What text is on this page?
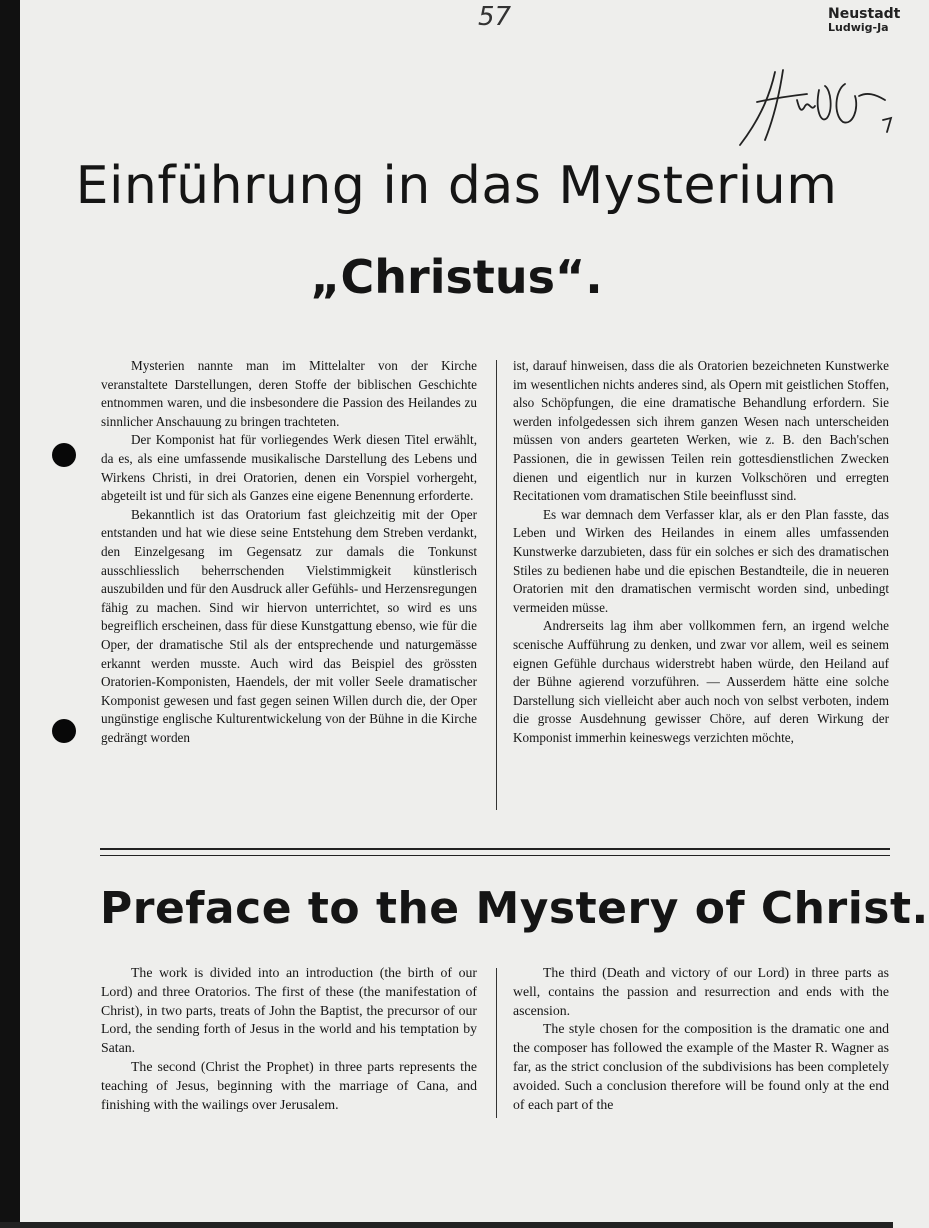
57	Neustadt
Ludwig-Ja
Einführung in das Mysterium
„Christus“.

Mysterien nannte man im Mittelalter von der Kirche veranstaltete Darstellungen, deren Stoffe der biblischen Geschichte entnommen waren, und die insbesondere die Passion des Heilandes zu sinnlicher Anschauung zu bringen trachteten.

Der Komponist hat für vorliegendes Werk diesen Titel erwählt, da es, als eine umfassende musikalische Darstellung des Lebens und Wirkens Christi, in drei Oratorien, denen ein Vorspiel vorhergeht, abgeteilt ist und für sich als Ganzes eine eigene Benennung erforderte.

Bekanntlich ist das Oratorium fast gleichzeitig mit der Oper entstanden und hat wie diese seine Entstehung dem Streben verdankt, den Einzelgesang im Gegensatz zur damals die Tonkunst ausschliesslich beherrschenden Vielstimmigkeit künstlerisch auszubilden und für den Ausdruck aller Gefühls- und Herzensregungen fähig zu machen. Sind wir hiervon unterrichtet, so wird es uns begreiflich erscheinen, dass für diese Kunstgattung ebenso, wie für die Oper, der dramatische Stil als der entsprechende und naturgemässe erkannt werden musste. Auch wird das Beispiel des grössten Oratorien-Komponisten, Haendels, der mit voller Seele dramatischer Komponist gewesen und fast gegen seinen Willen durch die, der Oper ungünstige englische Kulturentwickelung von der Bühne in die Kirche gedrängt worden

ist, darauf hinweisen, dass die als Oratorien bezeichneten Kunstwerke im wesentlichen nichts anderes sind, als Opern mit geistlichen Stoffen, also Schöpfungen, die eine dramatische Behandlung erfordern. Sie werden infolgedessen sich ihrem ganzen Wesen nach unterscheiden müssen von anders gearteten Werken, wie z. B. den Bach'schen Passionen, die in gewissen Teilen rein gottesdienstlichen Zwecken dienen und eigentlich nur in kurzen Volkschören und erregten Recitationen vom dramatischen Stile beeinflusst sind.

Es war demnach dem Verfasser klar, als er den Plan fasste, das Leben und Wirken des Heilandes in einem alles umfassenden Kunstwerke darzubieten, dass für ein solches er sich des dramatischen Stiles zu bedienen habe und die epischen Bestandteile, die in neueren Oratorien mit den dramatischen vermischt worden sind, unbedingt vermeiden müsse.

Andrerseits lag ihm aber vollkommen fern, an irgend welche scenische Aufführung zu denken, und zwar vor allem, weil es seinem eignen Gefühle durchaus widerstrebt haben würde, den Heiland auf der Bühne agierend vorzuführen. — Ausserdem hätte eine solche Darstellung sich vielleicht aber auch noch von selbst verboten, indem die grosse Ausdehnung gewisser Chöre, auf deren Wirkung der Komponist immerhin keineswegs verzichten möchte,

Preface to the Mystery of Christ.

The work is divided into an introduction (the birth of our Lord) and three Oratorios. The first of these (the manifestation of Christ), in two parts, treats of John the Baptist, the precursor of our Lord, the sending forth of Jesus in the world and his temptation by Satan.

The second (Christ the Prophet) in three parts represents the teaching of Jesus, beginning with the marriage of Cana, and finishing with the wailings over Jerusalem.

The third (Death and victory of our Lord) in three parts as well, contains the passion and resurrection and ends with the ascension.

The style chosen for the composition is the dramatic one and the composer has followed the example of the Master R. Wagner as far, as the strict conclusion of the subdivisions has been completely avoided. Such a conclusion therefore will be found only at the end of each part of the
